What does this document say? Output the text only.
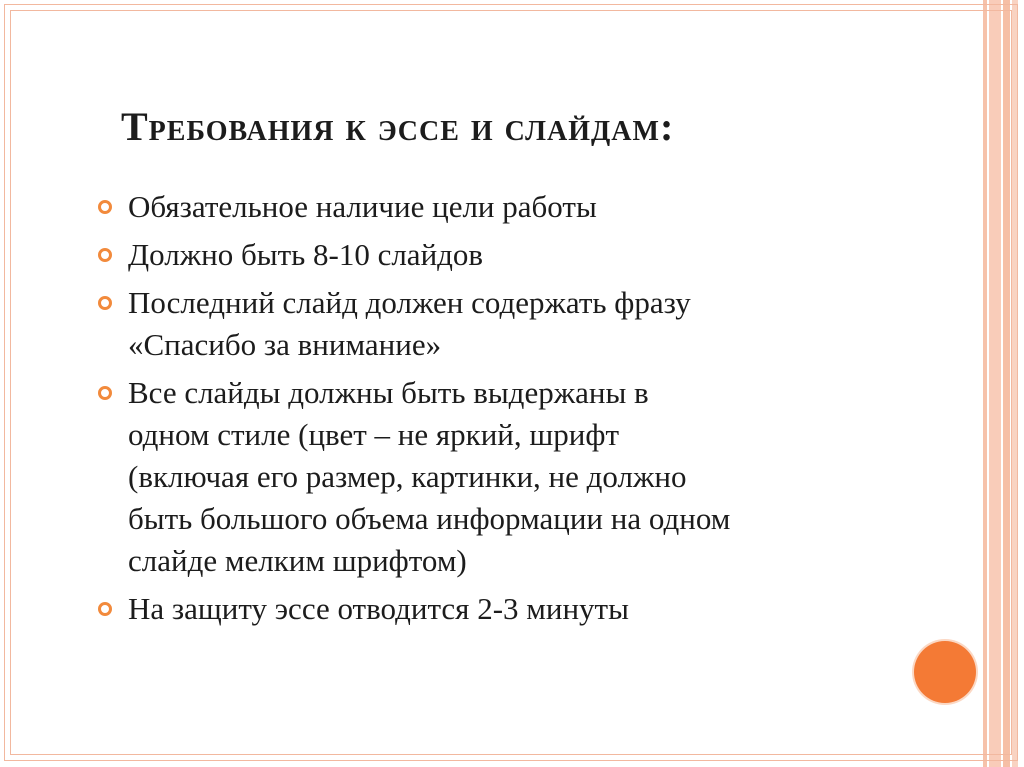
Требования к эссе и слайдам:
Обязательное наличие цели работы
Должно быть 8-10 слайдов
Последний слайд должен содержать фразу
«Спасибо за внимание»
Все слайды должны быть выдержаны в
одном стиле (цвет – не яркий, шрифт
(включая его размер, картинки, не должно
быть большого объема информации на одном
слайде мелким шрифтом)
На защиту эссе отводится 2-3 минуты
